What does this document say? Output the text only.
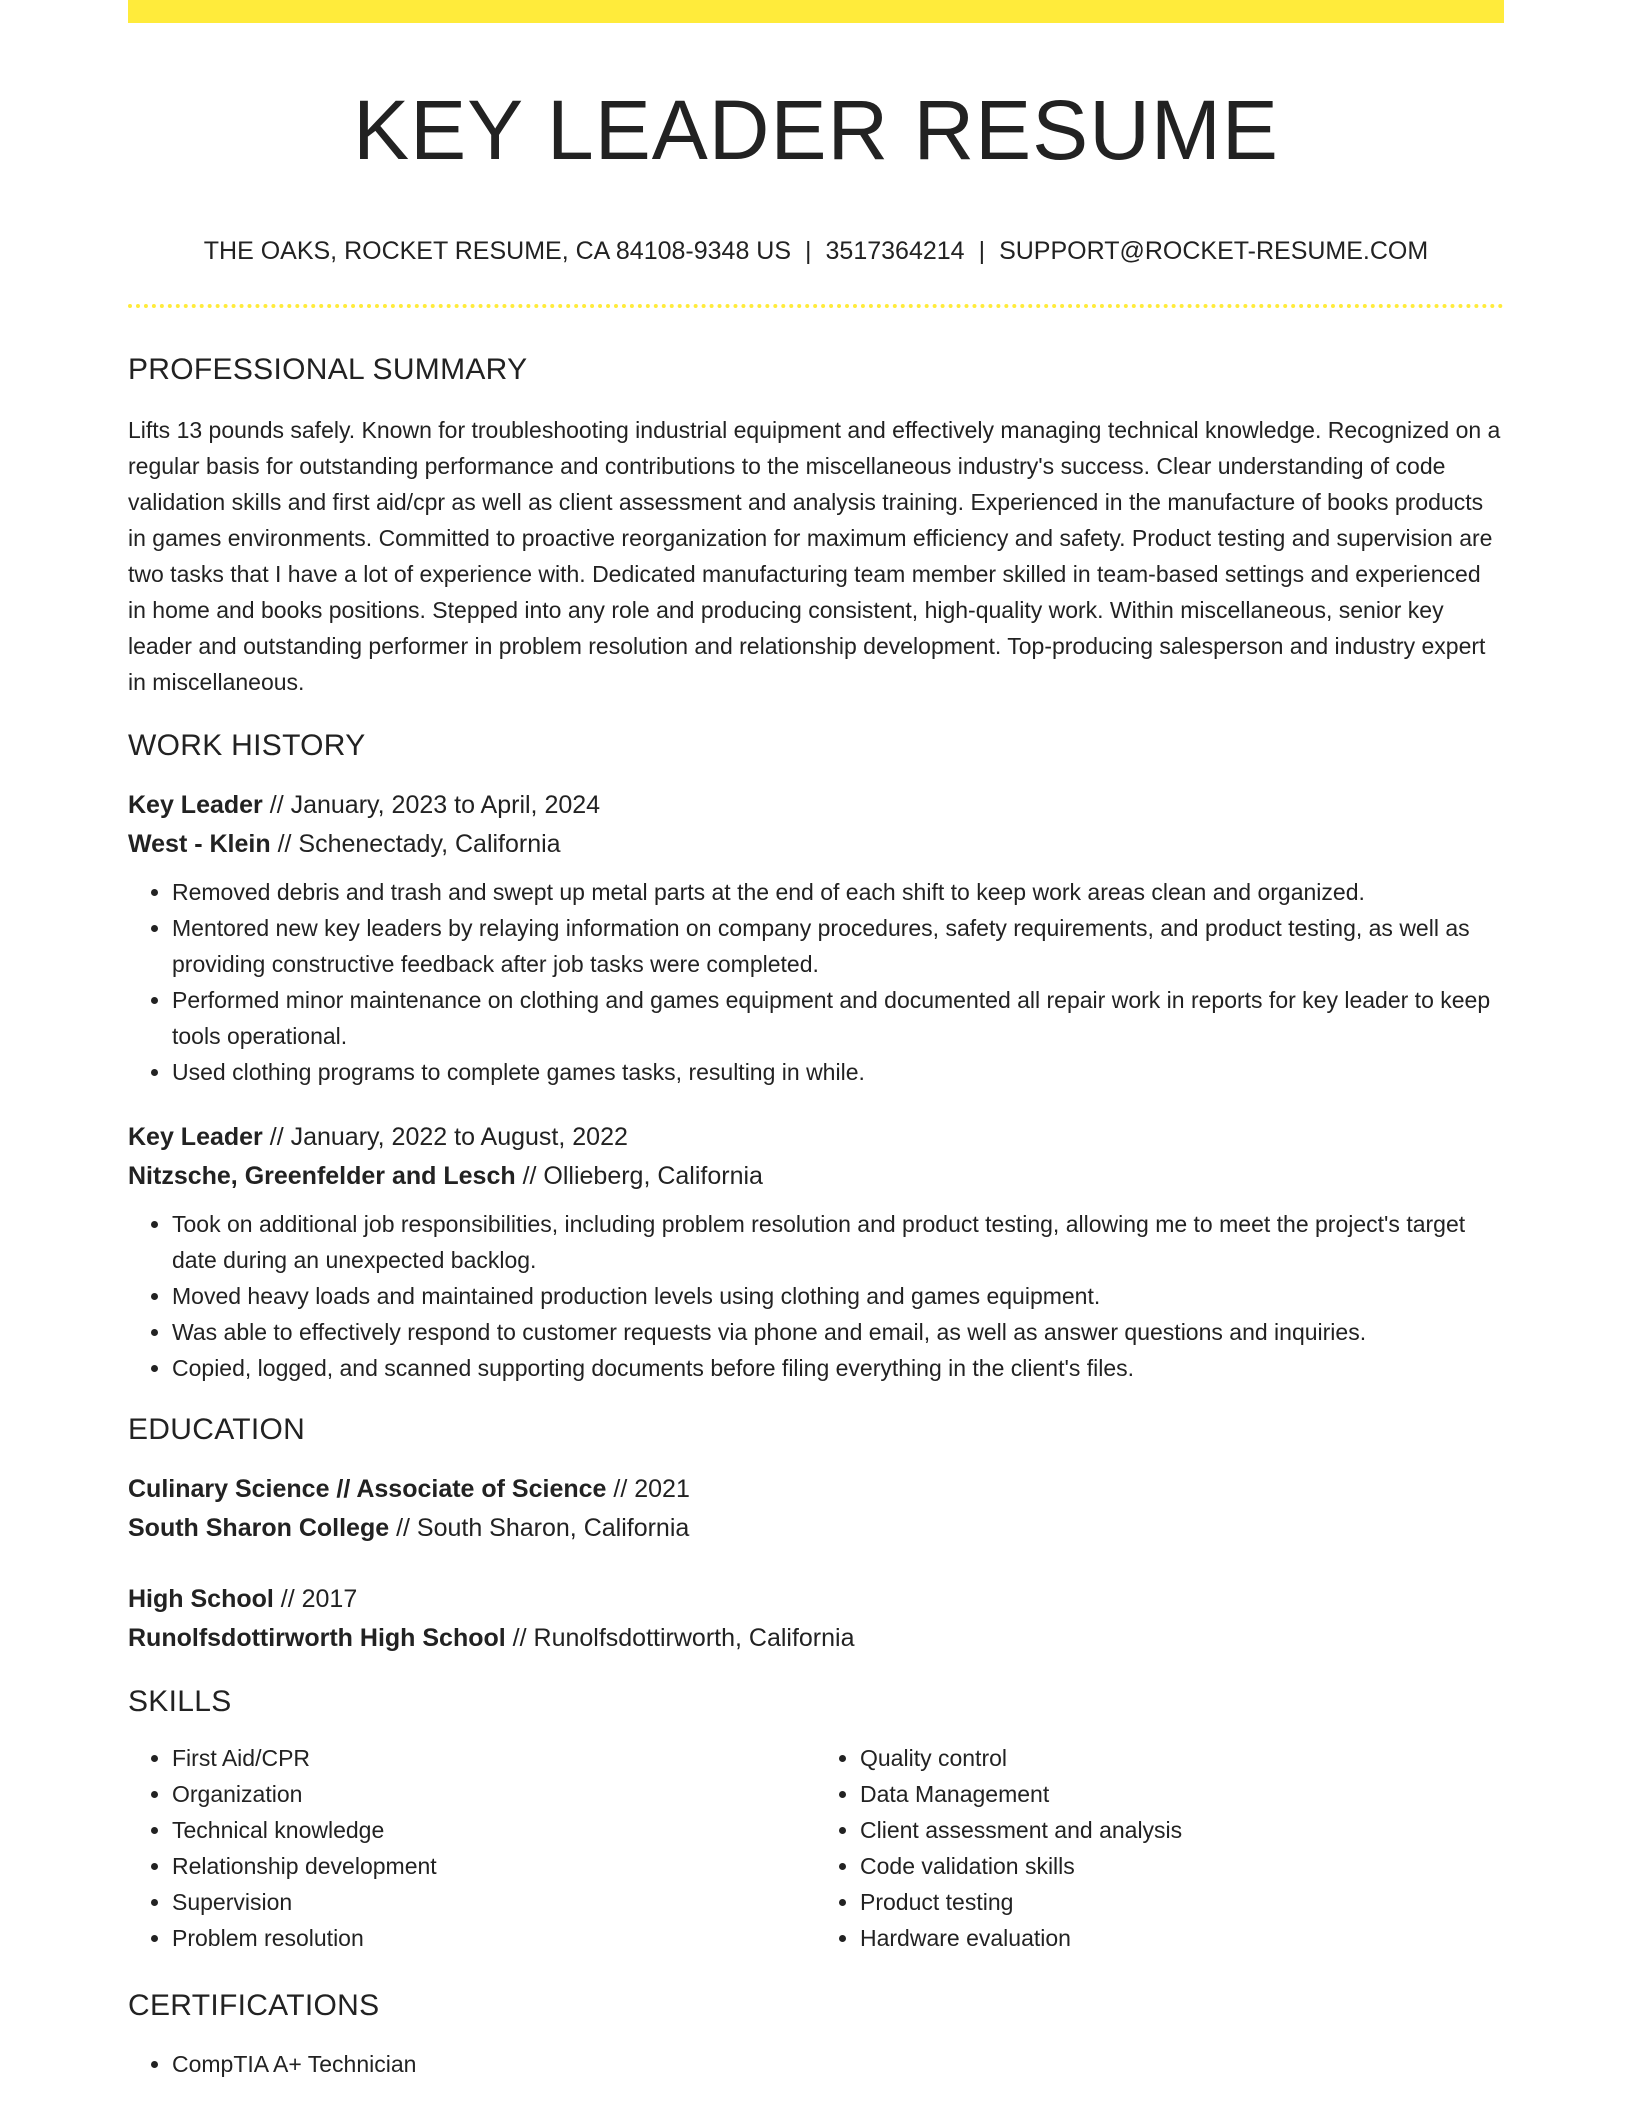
KEY LEADER RESUME
THE OAKS, ROCKET RESUME, CA 84108-9348 US | 3517364214 | SUPPORT@ROCKET-RESUME.COM
PROFESSIONAL SUMMARY
Lifts 13 pounds safely. Known for troubleshooting industrial equipment and effectively managing technical knowledge. Recognized on a regular basis for outstanding performance and contributions to the miscellaneous industry's success. Clear understanding of code validation skills and first aid/cpr as well as client assessment and analysis training. Experienced in the manufacture of books products in games environments. Committed to proactive reorganization for maximum efficiency and safety. Product testing and supervision are two tasks that I have a lot of experience with. Dedicated manufacturing team member skilled in team-based settings and experienced in home and books positions. Stepped into any role and producing consistent, high-quality work. Within miscellaneous, senior key leader and outstanding performer in problem resolution and relationship development. Top-producing salesperson and industry expert in miscellaneous.
WORK HISTORY
Key Leader // January, 2023 to April, 2024
West - Klein // Schenectady, California
• Removed debris and trash and swept up metal parts at the end of each shift to keep work areas clean and organized.
• Mentored new key leaders by relaying information on company procedures, safety requirements, and product testing, as well as providing constructive feedback after job tasks were completed.
• Performed minor maintenance on clothing and games equipment and documented all repair work in reports for key leader to keep tools operational.
• Used clothing programs to complete games tasks, resulting in while.
Key Leader // January, 2022 to August, 2022
Nitzsche, Greenfelder and Lesch // Ollieberg, California
• Took on additional job responsibilities, including problem resolution and product testing, allowing me to meet the project's target date during an unexpected backlog.
• Moved heavy loads and maintained production levels using clothing and games equipment.
• Was able to effectively respond to customer requests via phone and email, as well as answer questions and inquiries.
• Copied, logged, and scanned supporting documents before filing everything in the client's files.
EDUCATION
Culinary Science // Associate of Science // 2021
South Sharon College // South Sharon, California
High School // 2017
Runolfsdottirworth High School // Runolfsdottirworth, California
SKILLS
• First Aid/CPR
• Organization
• Technical knowledge
• Relationship development
• Supervision
• Problem resolution
• Quality control
• Data Management
• Client assessment and analysis
• Code validation skills
• Product testing
• Hardware evaluation
CERTIFICATIONS
• CompTIA A+ Technician
